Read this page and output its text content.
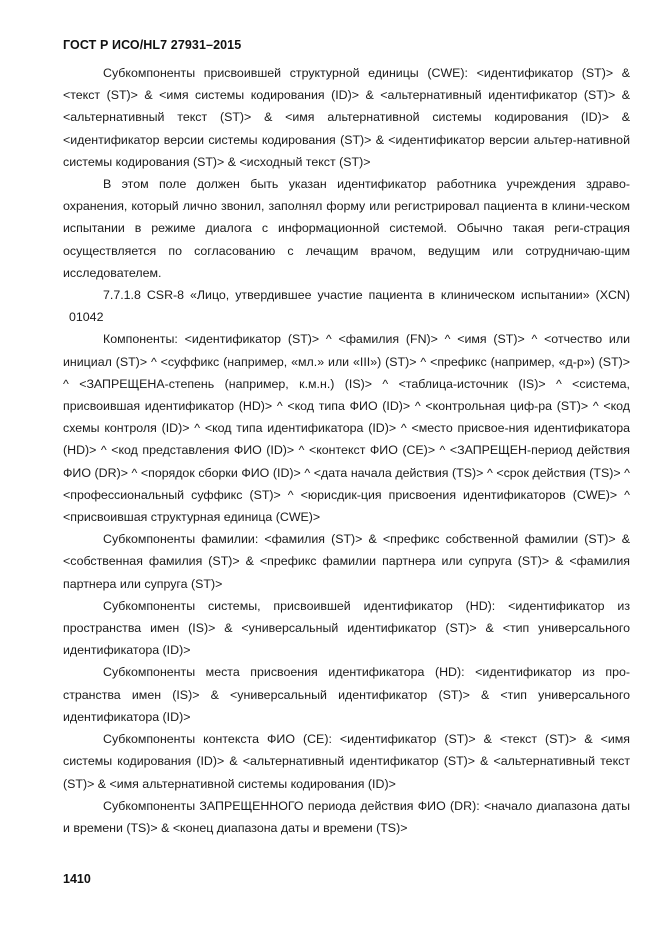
ГОСТ Р ИСО/HL7 27931–2015

Субкомпоненты присвоившей структурной единицы (CWE): <идентификатор (ST)> & <текст (ST)> & <имя системы кодирования (ID)> & <альтернативный идентификатор (ST)> & <альтернативный текст (ST)> & <имя альтернативной системы кодирования (ID)> & <идентификатор версии системы кодирования (ST)> & <идентификатор версии альтер-нативной системы кодирования (ST)> & <исходный текст (ST)>

В этом поле должен быть указан идентификатор работника учреждения здраво-охранения, который лично звонил, заполнял форму или регистрировал пациента в клини-ческом испытании в режиме диалога с информационной системой. Обычно такая реги-страция осуществляется по согласованию с лечащим врачом, ведущим или сотрудничаю-щим исследователем.

7.7.1.8 CSR-8 «Лицо, утвердившее участие пациента в клиническом испытании» (XCN) 01042

Компоненты: <идентификатор (ST)> ^ <фамилия (FN)> ^ <имя (ST)> ^ <отчество или инициал (ST)> ^ <суффикс (например, «мл.» или «III») (ST)> ^ <префикс (например, «д-р») (ST)> ^ <ЗАПРЕЩЕНА-степень (например, к.м.н.) (IS)> ^ <таблица-источник (IS)> ^ <система, присвоившая идентификатор (HD)> ^ <код типа ФИО (ID)> ^ <контрольная циф-ра (ST)> ^ <код схемы контроля (ID)> ^ <код типа идентификатора (ID)> ^ <место присвое-ния идентификатора (HD)> ^ <код представления ФИО (ID)> ^ <контекст ФИО (CE)> ^ <ЗАПРЕЩЕН-период действия ФИО (DR)> ^ <порядок сборки ФИО (ID)> ^ <дата начала действия (TS)> ^ <срок действия (TS)> ^ <профессиональный суффикс (ST)> ^ <юрисдик-ция присвоения идентификаторов (CWE)> ^ <присвоившая структурная единица (CWE)>

Субкомпоненты фамилии: <фамилия (ST)> & <префикс собственной фамилии (ST)> & <собственная фамилия (ST)> & <префикс фамилии партнера или супруга (ST)> & <фамилия партнера или супруга (ST)>

Субкомпоненты системы, присвоившей идентификатор (HD): <идентификатор из пространства имен (IS)> & <универсальный идентификатор (ST)> & <тип универсального идентификатора (ID)>

Субкомпоненты места присвоения идентификатора (HD): <идентификатор из про-странства имен (IS)> & <универсальный идентификатор (ST)> & <тип универсального идентификатора (ID)>

Субкомпоненты контекста ФИО (CE): <идентификатор (ST)> & <текст (ST)> & <имя системы кодирования (ID)> & <альтернативный идентификатор (ST)> & <альтернативный текст (ST)> & <имя альтернативной системы кодирования (ID)>

Субкомпоненты ЗАПРЕЩЕННОГО периода действия ФИО (DR): <начало диапазона даты и времени (TS)> & <конец диапазона даты и времени (TS)>

1410
